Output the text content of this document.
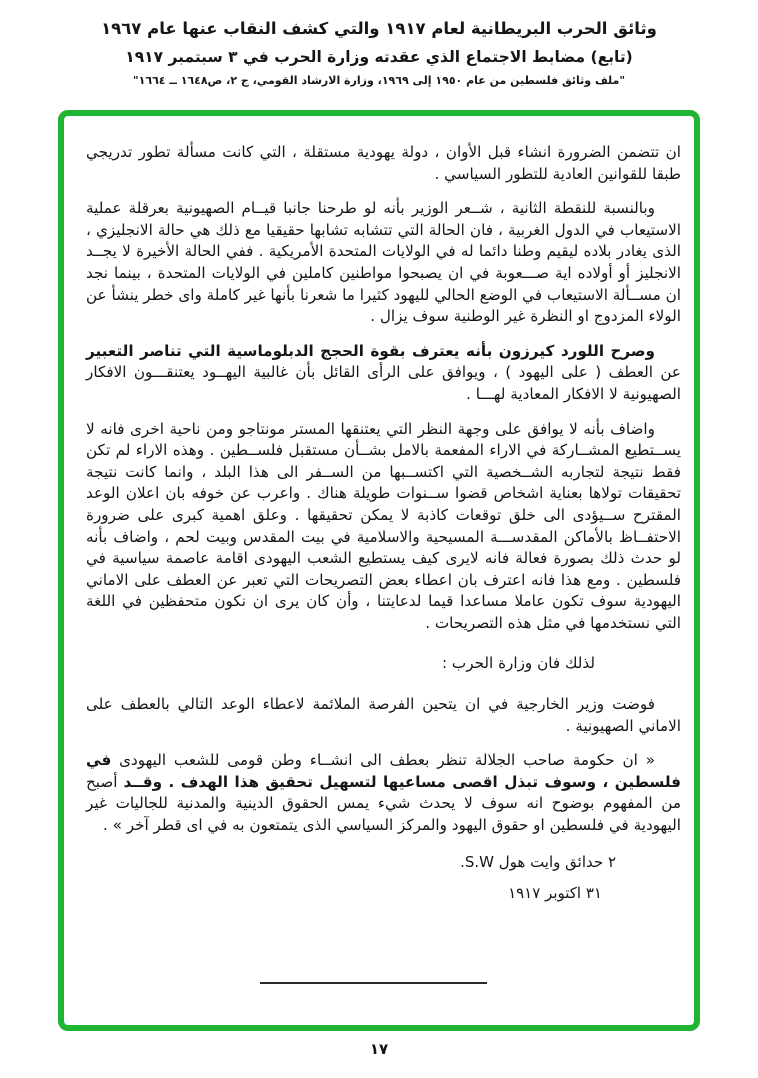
وثائق الحرب البريطانية لعام ١٩١٧ والتي كشف النقاب عنها عام ١٩٦٧

(تابع) مضابط الاجتماع الذي عقدته وزارة الحرب في ٣ سبتمبر ١٩١٧

"ملف وثائق فلسطين من عام ١٩٥٠ إلى ١٩٦٩، وزارة الارشاد القومي، ج ٢، ص١٦٤٨ ــ ١٦٦٤"

ان تتضمن الضرورة انشاء قبل الأوان ، دولة يهودية مستقلة ، التي كانت مسألة تطور تدريجي طبقا للقوانين العادية للتطور السياسي .

وبالنسبة للنقطة الثانية ، شــعر الوزير بأنه لو طرحنا جانبا قيــام الصهيونية بعرقلة عملية الاستيعاب في الدول الغربية ، فان الحالة التي تتشابه تشابها حقيقيا مع ذلك هي حالة الانجليزي ، الذى يغادر بلاده ليقيم وطنا دائما له في الولايات المتحدة الأمريكية . ففي الحالة الأخيرة لا يجــد الانجليز أو أولاده اية صـــعوبة في ان يصبحوا مواطنين كاملين في الولايات المتحدة ، بينما نجد ان مســألة الاستيعاب في الوضع الحالي لليهود كثيرا ما شعرنا بأنها غير كاملة واى خطر ينشأ عن الولاء المزدوج او النظرة غير الوطنية سوف يزال .

وصرح اللورد كيرزون بأنه يعترف بقوة الحجج الدبلوماسية التي تناصر التعبير عن العطف ( على اليهود ) ، ويوافق على الرأى القائل بأن غالبية اليهــود يعتنقـــون الافكار الصهيونية لا الافكار المعادية لهـــا .

واضاف بأنه لا يوافق على وجهة النظر التي يعتنقها المستر مونتاجو ومن ناحية اخرى فانه لا يســتطيع المشــاركة في الاراء المفعمة بالامل بشــأن مستقبل فلســطين . وهذه الاراء لم تكن فقط نتيجة لتجاربه الشــخصية التي اكتســبها من الســفر الى هذا البلد ، وانما كانت نتيجة تحقيقات تولاها بعناية اشخاص قضوا ســنوات طويلة هناك . واعرب عن خوفه بان اعلان الوعد المقترح ســيؤدى الى خلق توقعات كاذبة لا يمكن تحقيقها . وعلق اهمية كبرى على ضرورة الاحتفــاظ بالأماكن المقدســـة المسيحية والاسلامية في بيت المقدس وبيت لحم ، واضاف بأنه لو حدث ذلك بصورة فعالة فانه لايرى كيف يستطيع الشعب اليهودى اقامة عاصمة سياسية في فلسطين . ومع هذا فانه اعترف بان اعطاء بعض التصريحات التي تعبر عن العطف على الاماني اليهودية سوف تكون عاملا مساعدا قيما لدعايتنا ، وأن كان يرى ان نكون متحفظين في اللغة التي نستخدمها في مثل هذه التصريحات .

لذلك فان وزارة الحرب :

فوضت وزير الخارجية في ان يتحين الفرصة الملائمة لاعطاء الوعد التالي بالعطف على الاماني الصهيونية .

« ان حكومة صاحب الجلالة تنظر بعطف الى انشــاء وطن قومى للشعب اليهودى في فلسطين ، وسوف تبذل اقصى مساعيها لتسهيل تحقيق هذا الهدف . وقــد أصبح من المفهوم بوضوح انه سوف لا يحدث شيء يمس الحقوق الدينية والمدنية للجاليات غير اليهودية في فلسطين او حقوق اليهود والمركز السياسي الذى يتمتعون به في اى قطر آخر » .

٢ حدائق وايت هول S.W.

٣١ اكتوبر ١٩١٧

١٧
